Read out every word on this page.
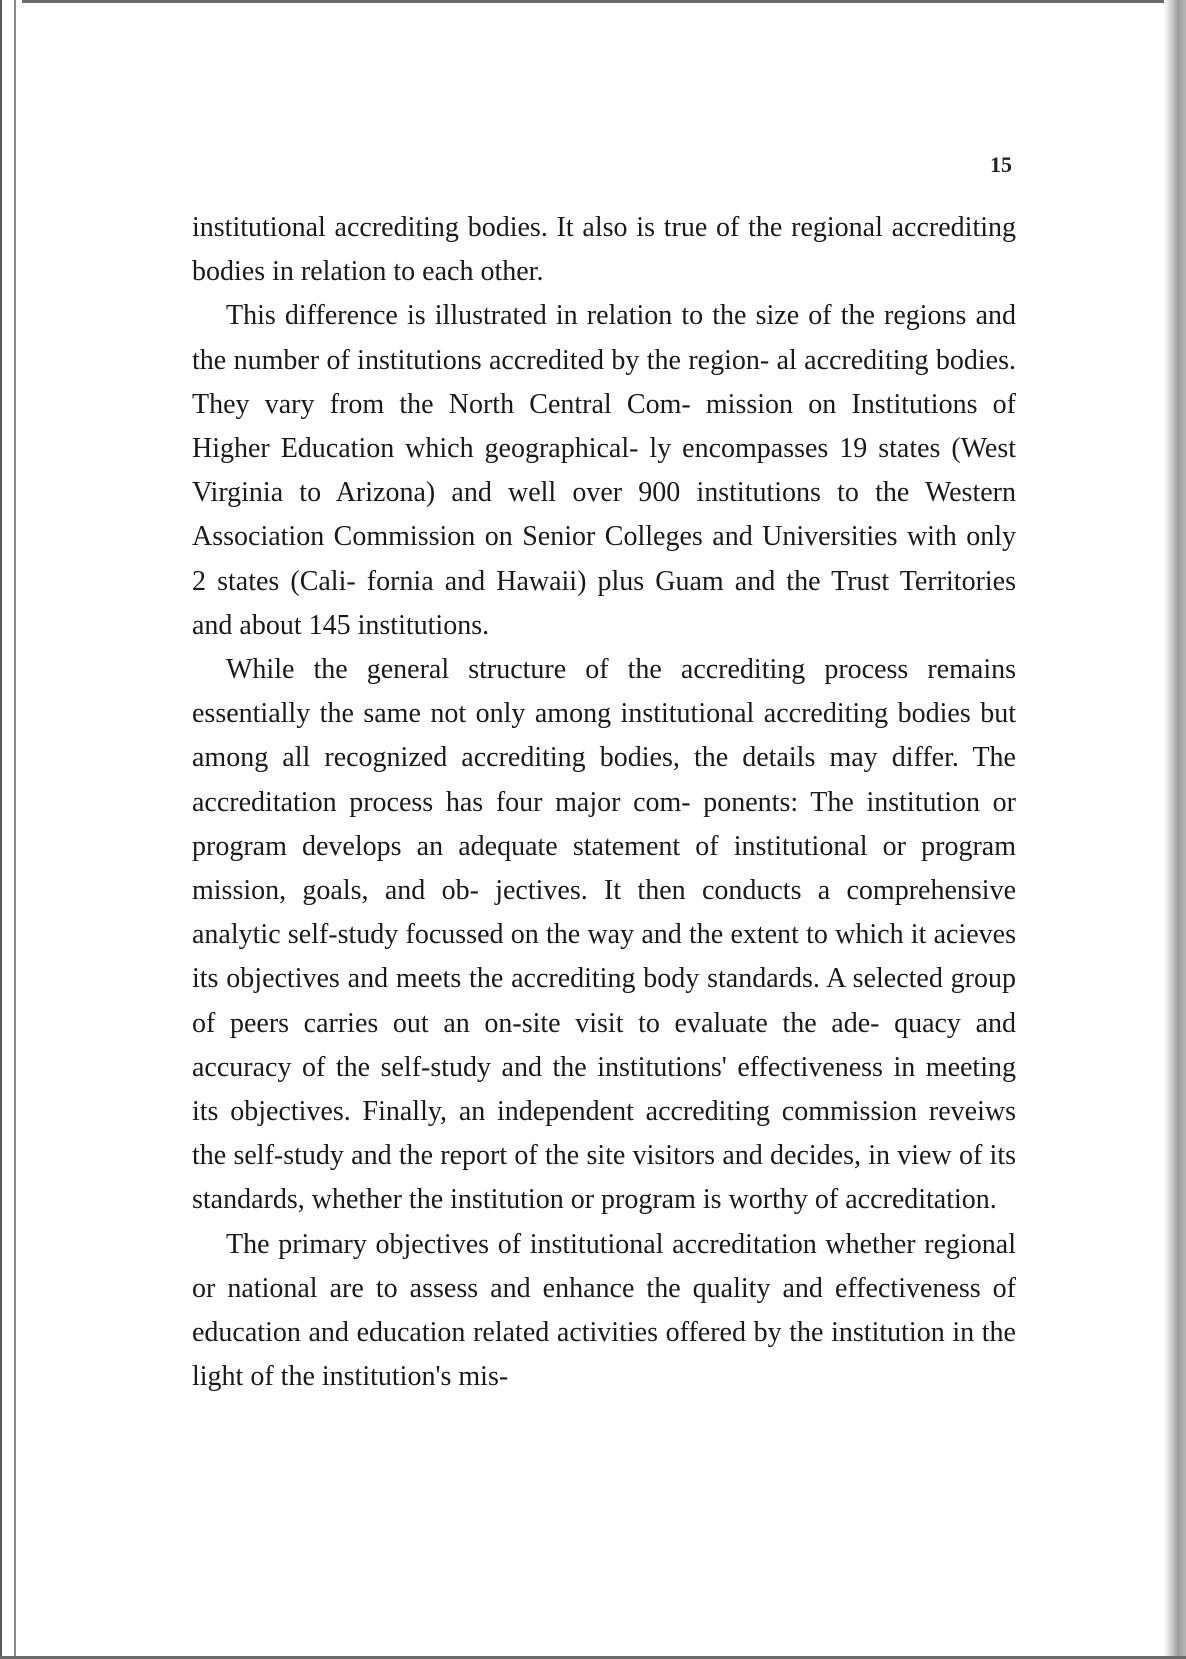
15

institutional accrediting bodies. It also is true of the regional accrediting bodies in relation to each other.

This difference is illustrated in relation to the size of the regions and the number of institutions accredited by the region- al accrediting bodies. They vary from the North Central Com- mission on Institutions of Higher Education which geographical- ly encompasses 19 states (West Virginia to Arizona) and well over 900 institutions to the Western Association Commission on Senior Colleges and Universities with only 2 states (Cali- fornia and Hawaii) plus Guam and the Trust Territories and about 145 institutions.

While the general structure of the accrediting process remains essentially the same not only among institutional accrediting bodies but among all recognized accrediting bodies, the details may differ. The accreditation process has four major com- ponents: The institution or program develops an adequate statement of institutional or program mission, goals, and ob- jectives. It then conducts a comprehensive analytic self-study focussed on the way and the extent to which it acieves its objectives and meets the accrediting body standards. A selected group of peers carries out an on-site visit to evaluate the ade- quacy and accuracy of the self-study and the institutions' effectiveness in meeting its objectives. Finally, an independent accrediting commission reveiws the self-study and the report of the site visitors and decides, in view of its standards, whether the institution or program is worthy of accreditation.

The primary objectives of institutional accreditation whether regional or national are to assess and enhance the quality and effectiveness of education and education related activities offered by the institution in the light of the institution's mis-
